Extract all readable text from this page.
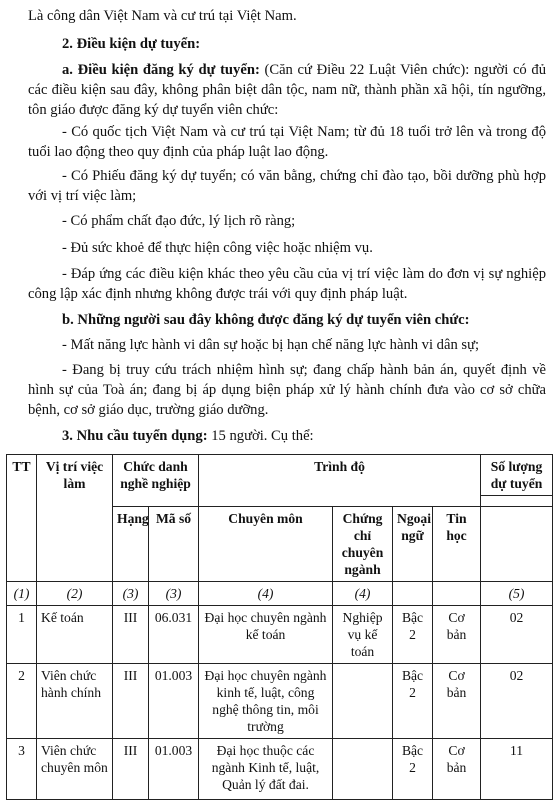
Là công dân Việt Nam và cư trú tại Việt Nam.

2. Điều kiện dự tuyển:

a. Điều kiện đăng ký dự tuyển: (Căn cứ Điều 22 Luật Viên chức): người có đủ các điều kiện sau đây, không phân biệt dân tộc, nam nữ, thành phần xã hội, tín ngưỡng, tôn giáo được đăng ký dự tuyển viên chức:

- Có quốc tịch Việt Nam và cư trú tại Việt Nam; từ đủ 18 tuổi trở lên và trong độ tuổi lao động theo quy định của pháp luật lao động.

- Có Phiếu đăng ký dự tuyển; có văn bằng, chứng chỉ đào tạo, bồi dưỡng phù hợp với vị trí việc làm;

- Có phẩm chất đạo đức, lý lịch rõ ràng;

- Đủ sức khoẻ để thực hiện công việc hoặc nhiệm vụ.

- Đáp ứng các điều kiện khác theo yêu cầu của vị trí việc làm do đơn vị sự nghiệp công lập xác định nhưng không được trái với quy định pháp luật.

b. Những người sau đây không được đăng ký dự tuyển viên chức:

- Mất năng lực hành vi dân sự hoặc bị hạn chế năng lực hành vi dân sự;

- Đang bị truy cứu trách nhiệm hình sự; đang chấp hành bản án, quyết định về hình sự của Toà án; đang bị áp dụng biện pháp xử lý hành chính đưa vào cơ sở chữa bệnh, cơ sở giáo dục, trường giáo dưỡng.

3. Nhu cầu tuyển dụng: 15 người. Cụ thể:

TT	Vị trí việc làm	Chức danh nghề nghiệp		Trình độ				Số lượng dự tuyển

		Hạng	Mã số	Chuyên môn	Chứng chỉ chuyên ngành	Ngoại ngữ	Tin học	
(1)	(2)	(3)	(3)	(4)	(4)			(5)
1	Kế toán	III	06.031	Đại học chuyên ngành kế toán	Nghiệp vụ kế toán	Bậc 2	Cơ bản	02
2	Viên chức hành chính	III	01.003	Đại học chuyên ngành kinh tế, luật, công nghệ thông tin, môi trường		Bậc 2	Cơ bản	02
3	Viên chức chuyên môn	III	01.003	Đại học thuộc các ngành Kinh tế, luật, Quản lý đất đai.		Bậc 2	Cơ bản	11
